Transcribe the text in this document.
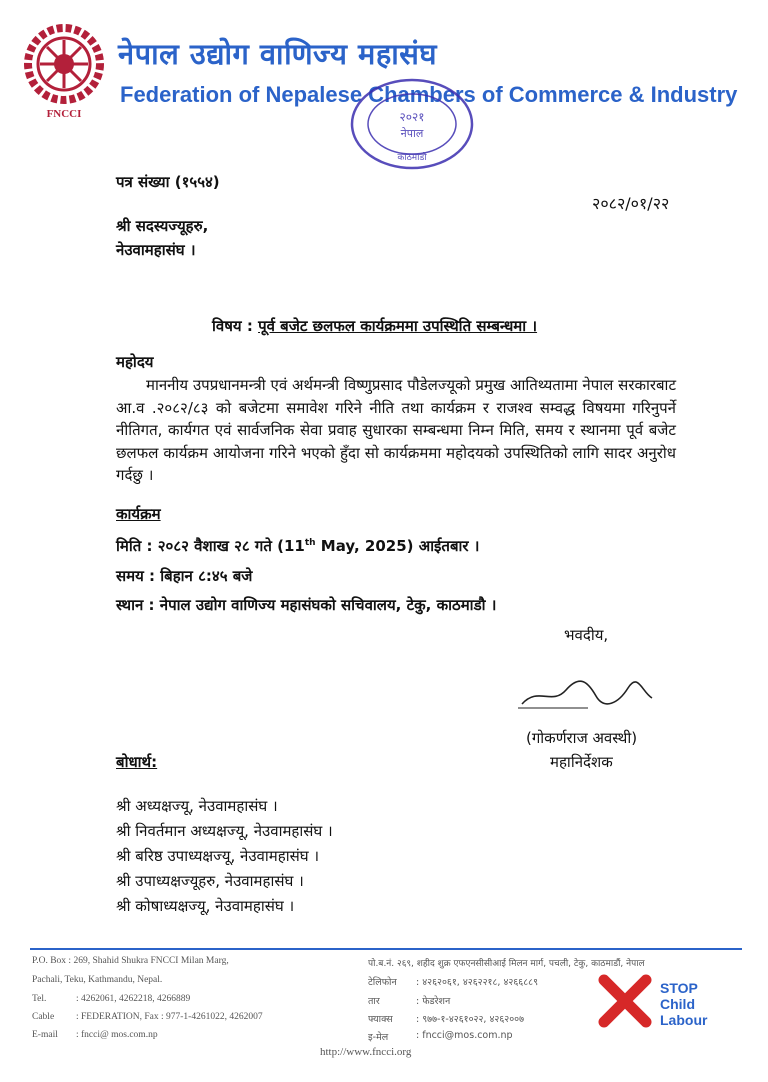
FNCCI
नेपाल उद्योग वाणिज्य महासंघ
Federation of Nepalese Chambers of Commerce & Industry
२०२१
नेपाल
काठमाडौं
पत्र संख्या (१५५४)
२०८२/०१/२२
श्री सदस्यज्यूहरु,
नेउवामहासंघ ।
विषय : पूर्व बजेट छलफल कार्यक्रममा उपस्थिति सम्बन्धमा ।
महोदय

माननीय उपप्रधानमन्त्री एवं अर्थमन्त्री विष्णुप्रसाद पौडेलज्यूको प्रमुख आतिथ्यतामा नेपाल सरकारबाट आ.व .२०८२/८३ को बजेटमा समावेश गरिने नीति तथा कार्यक्रम र राजश्व सम्वद्ध विषयमा गरिनुपर्ने नीतिगत, कार्यगत एवं सार्वजनिक सेवा प्रवाह सुधारका सम्बन्धमा निम्न मिति, समय र स्थानमा पूर्व बजेट छलफल कार्यक्रम आयोजना गरिने भएको हुँदा सो कार्यक्रममा महोदयको उपस्थितिको लागि सादर अनुरोध गर्दछु ।

कार्यक्रम
मिति : २०८२ वैशाख २८ गते (11th May, 2025) आईतबार ।
समय : बिहान ८:४५ बजे
स्थान : नेपाल उद्योग वाणिज्य महासंघको सचिवालय, टेकु, काठमाडौ ।
भवदीय,
(गोकर्णराज अवस्थी)
महानिर्देशक
बोधार्थ:
श्री अध्यक्षज्यू, नेउवामहासंघ ।
श्री निवर्तमान अध्यक्षज्यू, नेउवामहासंघ ।
श्री बरिष्ठ उपाध्यक्षज्यू, नेउवामहासंघ ।
श्री उपाध्यक्षज्यूहरु, नेउवामहासंघ ।
श्री कोषाध्यक्षज्यू, नेउवामहासंघ ।
P.O. Box : 269, Shahid Shukra FNCCI Milan Marg,
Pachali, Teku, Kathmandu, Nepal.
Tel.	: 4262061, 4262218, 4266889
Cable : FEDERATION, Fax : 977-1-4261022, 4262007
E-mail : fncci@ mos.com.np
पो.ब.नं. २६९, शहीद शुक्र एफएनसीसीआई मिलन मार्ग, पचली, टेकु, काठमाडौं, नेपाल
टेलिफोन : ४२६२०६१, ४२६२२१८, ४२६६८८९
तार	: फेडरेशन
फ्याक्स : ९७७-१-४२६१०२२, ४२६२००७
इ-मेल	: fncci@mos.com.np
STOP
Child
Labour
http://www.fncci.org
